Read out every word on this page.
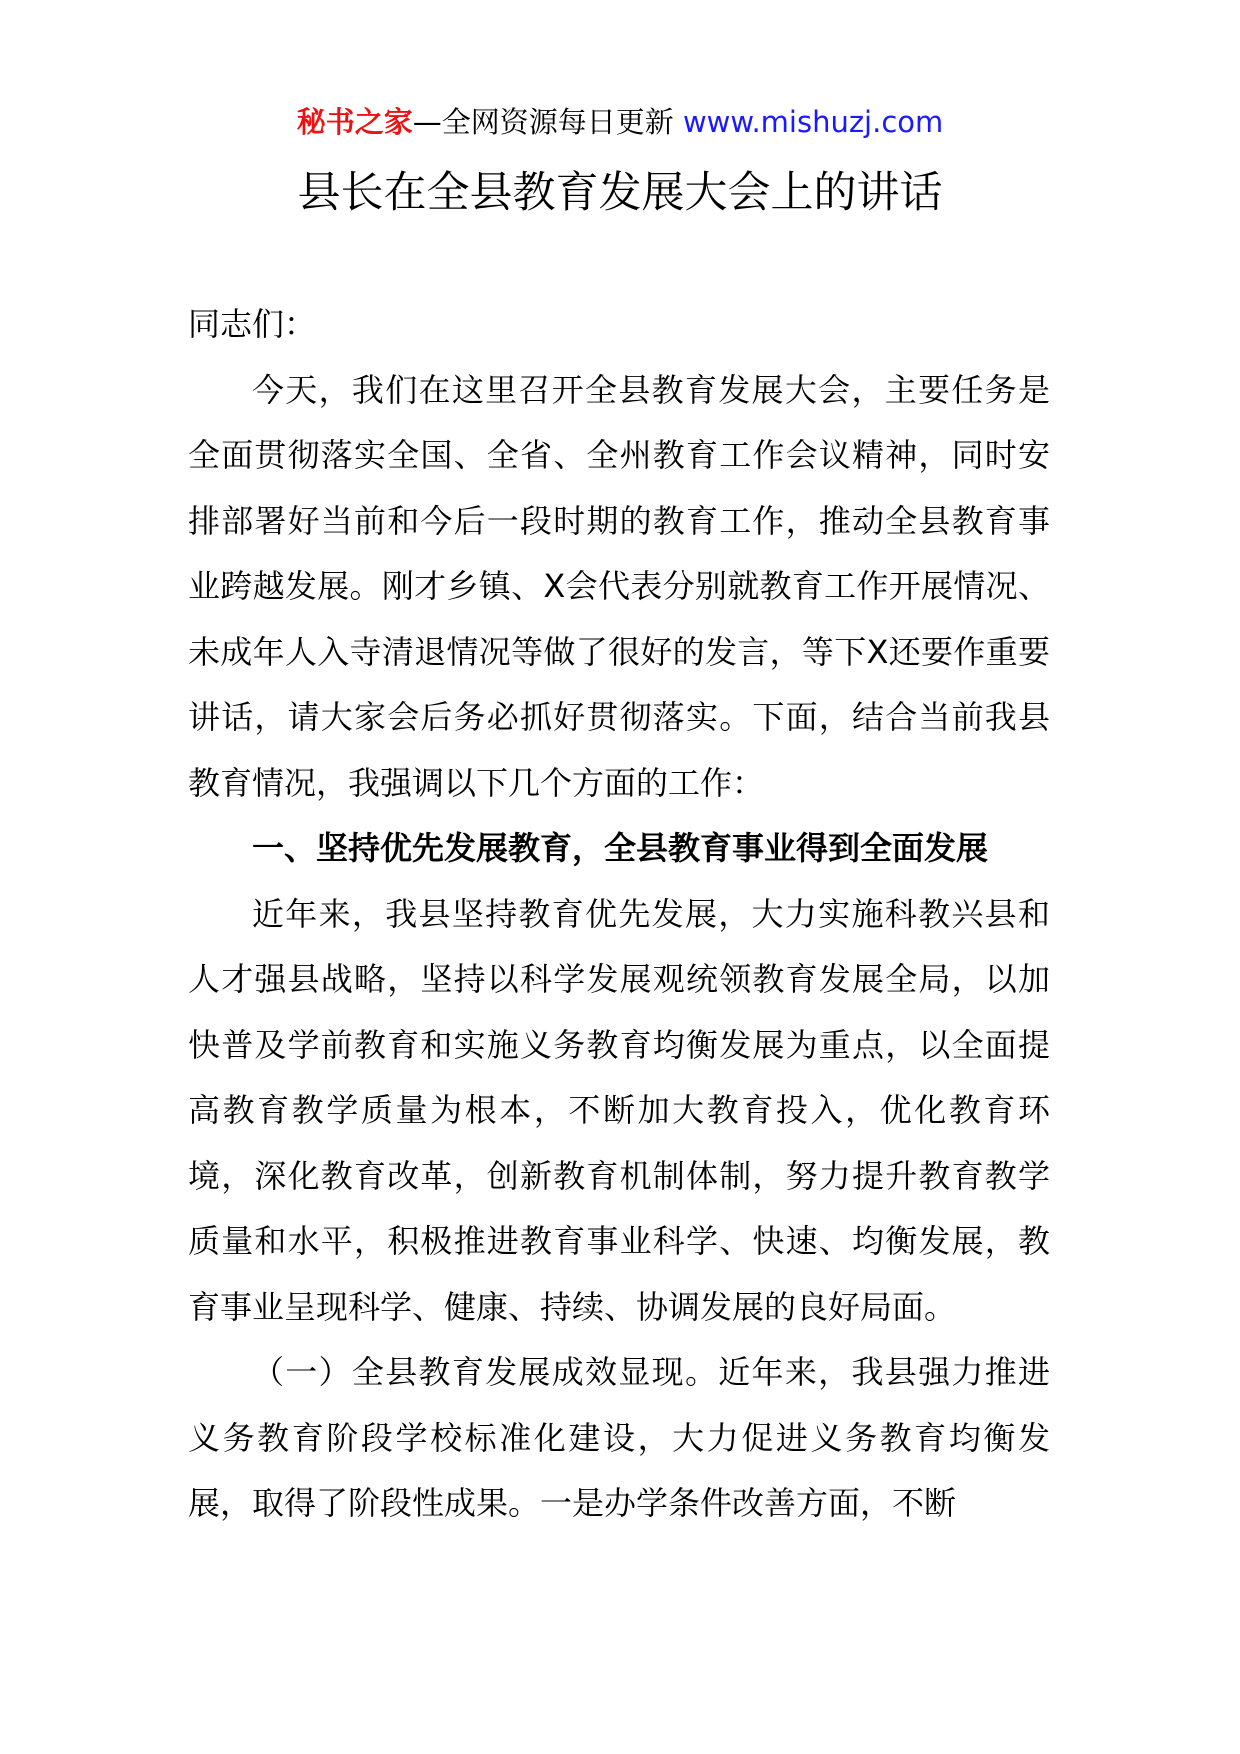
秘书之家—全网资源每日更新 www.mishuzj.com
县长在全县教育发展大会上的讲话

同志们：

今天，我们在这里召开全县教育发展大会，主要任务是全面贯彻落实全国、全省、全州教育工作会议精神，同时安排部署好当前和今后一段时期的教育工作，推动全县教育事业跨越发展。刚才乡镇、X会代表分别就教育工作开展情况、未成年人入寺清退情况等做了很好的发言，等下X还要作重要讲话，请大家会后务必抓好贯彻落实。下面，结合当前我县教育情况，我强调以下几个方面的工作：

一、坚持优先发展教育，全县教育事业得到全面发展

近年来，我县坚持教育优先发展，大力实施科教兴县和人才强县战略，坚持以科学发展观统领教育发展全局，以加快普及学前教育和实施义务教育均衡发展为重点，以全面提高教育教学质量为根本，不断加大教育投入，优化教育环境，深化教育改革，创新教育机制体制，努力提升教育教学质量和水平，积极推进教育事业科学、快速、均衡发展，教育事业呈现科学、健康、持续、协调发展的良好局面。

（一）全县教育发展成效显现。近年来，我县强力推进义务教育阶段学校标准化建设，大力促进义务教育均衡发展，取得了阶段性成果。一是办学条件改善方面，不断
